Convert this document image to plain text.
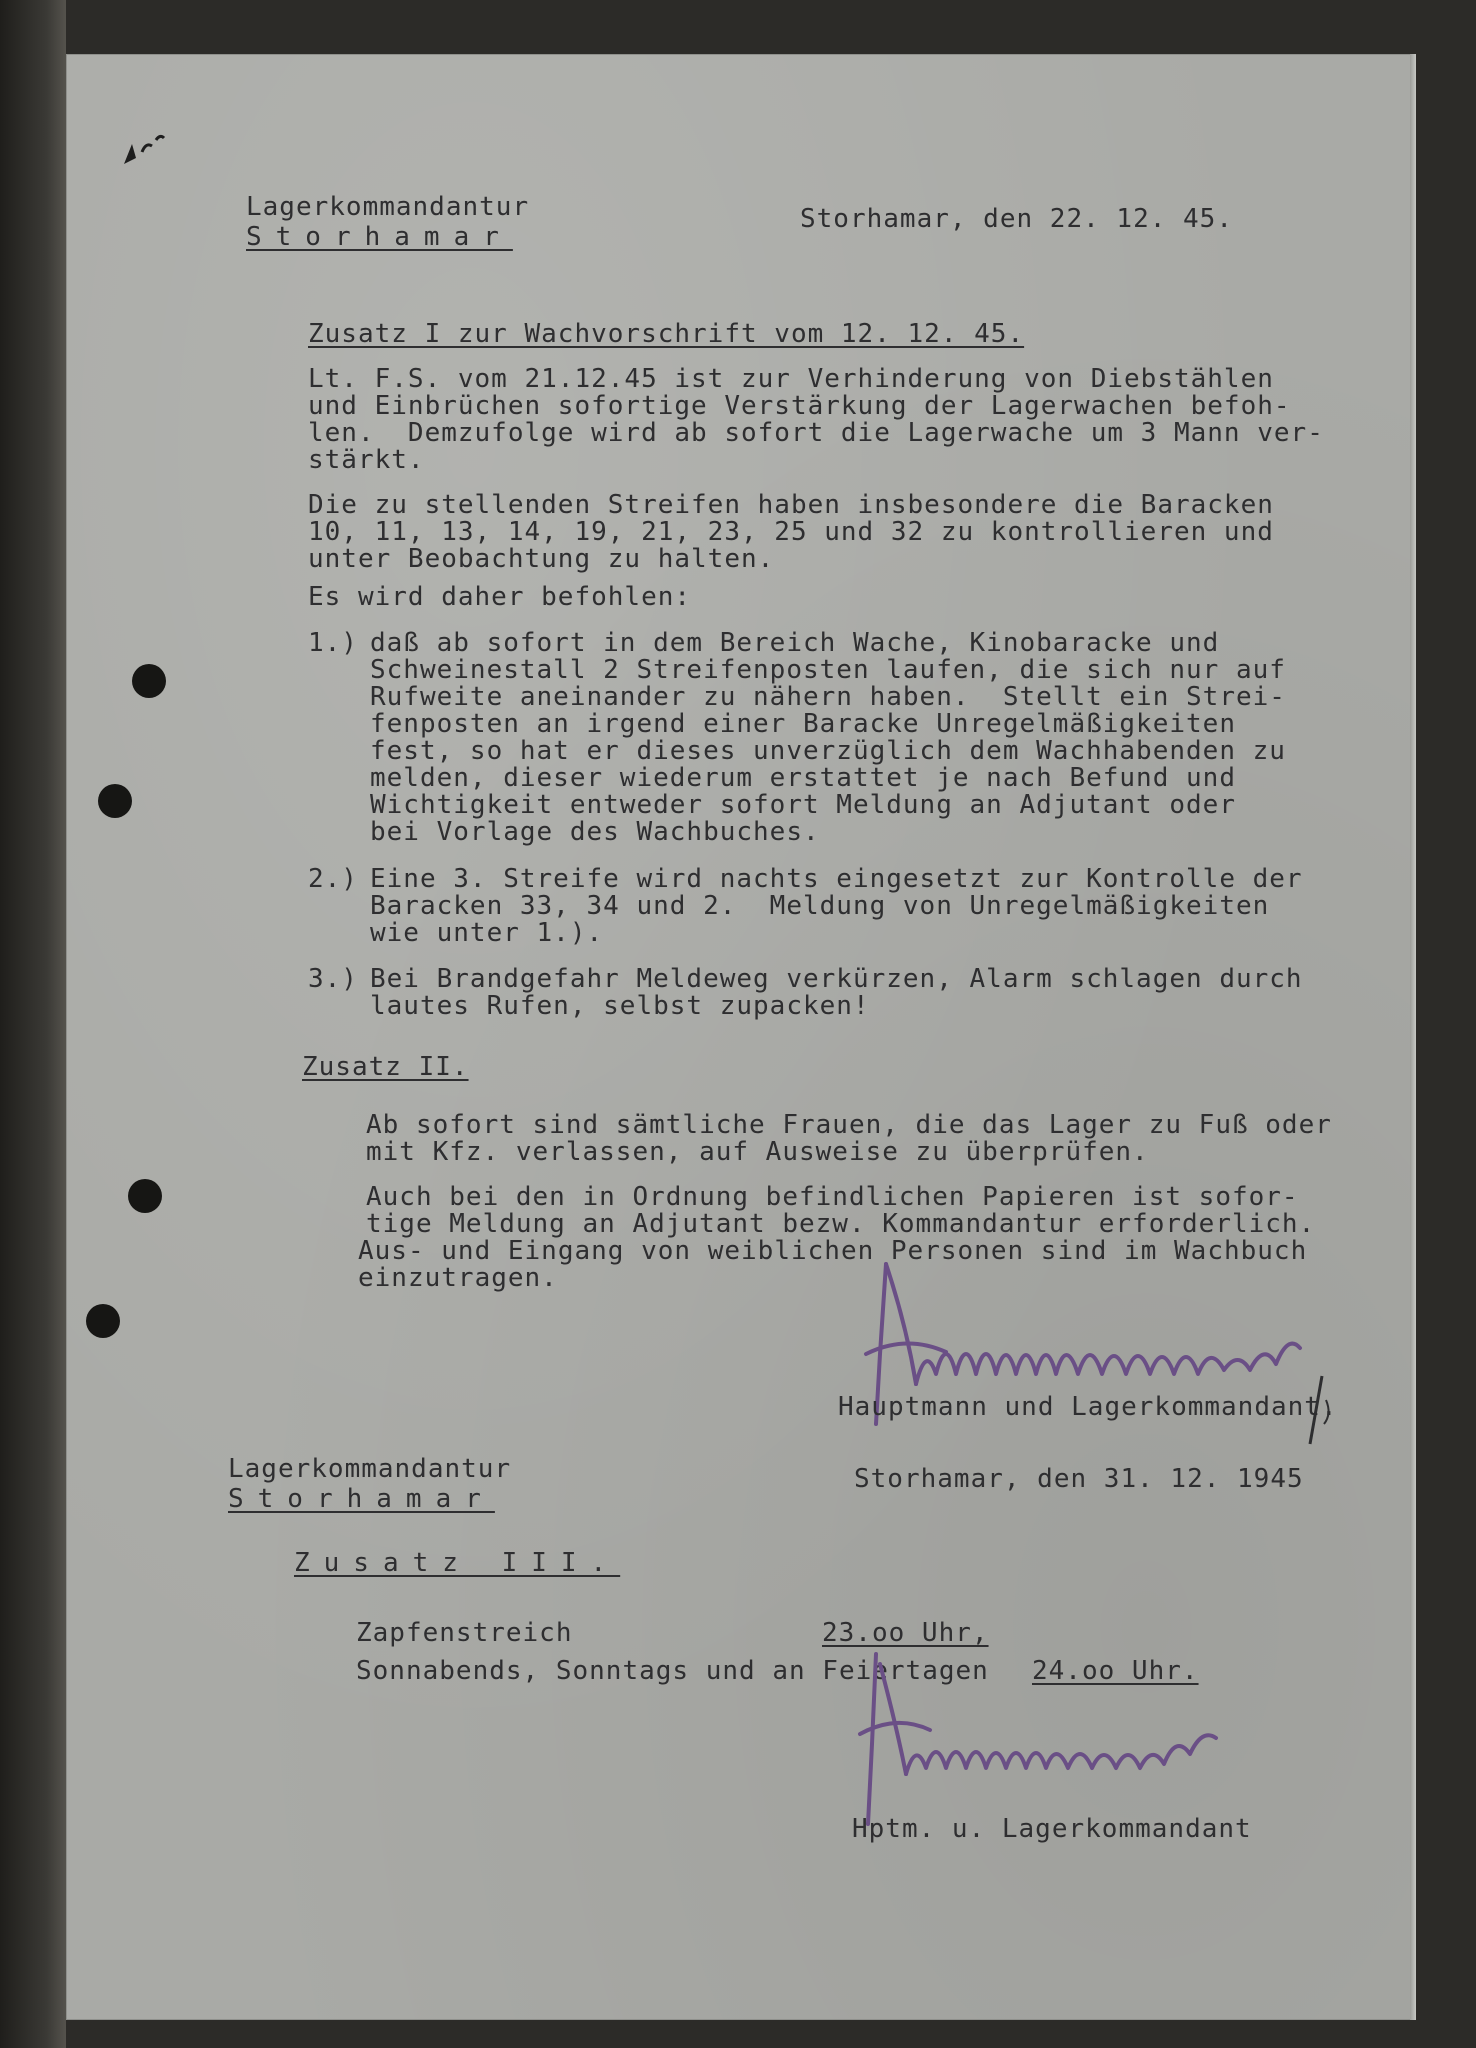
Lagerkommandantur

Storhamar

Storhamar, den 22. 12. 45.

Zusatz I zur Wachvorschrift vom 12. 12. 45.

Lt. F.S. vom 21.12.45 ist zur Verhinderung von Diebstählen

und Einbrüchen sofortige Verstärkung der Lagerwachen befoh-

len.  Demzufolge wird ab sofort die Lagerwache um 3 Mann ver-

stärkt.

Die zu stellenden Streifen haben insbesondere die Baracken

10, 11, 13, 14, 19, 21, 23, 25 und 32 zu kontrollieren und

unter Beobachtung zu halten.

Es wird daher befohlen:

1.) daß ab sofort in dem Bereich Wache, Kinobaracke und

Schweinestall 2 Streifenposten laufen, die sich nur auf

Rufweite aneinander zu nähern haben.  Stellt ein Strei-

fenposten an irgend einer Baracke Unregelmäßigkeiten

fest, so hat er dieses unverzüglich dem Wachhabenden zu

melden, dieser wiederum erstattet je nach Befund und

Wichtigkeit entweder sofort Meldung an Adjutant oder

bei Vorlage des Wachbuches.

2.) Eine 3. Streife wird nachts eingesetzt zur Kontrolle der

Baracken 33, 34 und 2.  Meldung von Unregelmäßigkeiten

wie unter 1.).

3.) Bei Brandgefahr Meldeweg verkürzen, Alarm schlagen durch

lautes Rufen, selbst zupacken!

Zusatz II.

Ab sofort sind sämtliche Frauen, die das Lager zu Fuß oder

mit Kfz. verlassen, auf Ausweise zu überprüfen.

Auch bei den in Ordnung befindlichen Papieren ist sofor-

tige Meldung an Adjutant bezw. Kommandantur erforderlich.

Aus- und Eingang von weiblichen Personen sind im Wachbuch

einzutragen.

Hauptmann und Lagerkommandant.

Lagerkommandantur

Storhamar

Storhamar, den 31. 12. 1945

Zusatz III.

Zapfenstreich	23.oo Uhr,

Sonnabends, Sonntags und an Feiertagen 24.oo Uhr.

Hptm. u. Lagerkommandant
